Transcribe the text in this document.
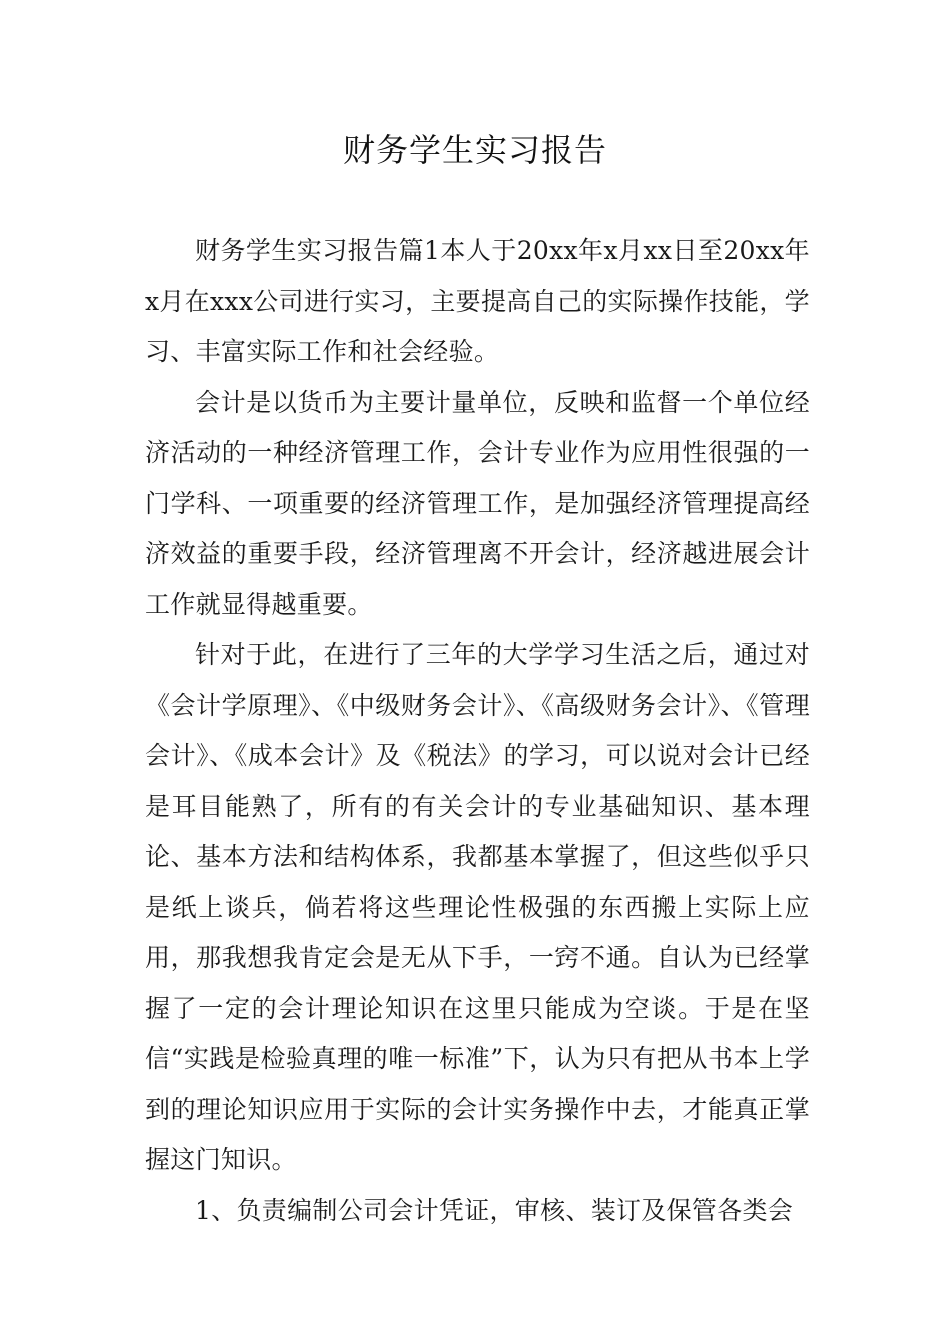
财务学生实习报告

财务学生实习报告篇1本人于20xx年x月xx日至20xx年x月在xxx公司进行实习，主要提高自己的实际操作技能，学习、丰富实际工作和社会经验。

会计是以货币为主要计量单位，反映和监督一个单位经济活动的一种经济管理工作，会计专业作为应用性很强的一门学科、一项重要的经济管理工作，是加强经济管理提高经济效益的重要手段，经济管理离不开会计，经济越进展会计工作就显得越重要。

针对于此，在进行了三年的大学学习生活之后，通过对《会计学原理》、《中级财务会计》、《高级财务会计》、《管理会计》、《成本会计》及《税法》的学习，可以说对会计已经是耳目能熟了，所有的有关会计的专业基础知识、基本理论、基本方法和结构体系，我都基本掌握了，但这些似乎只是纸上谈兵，倘若将这些理论性极强的东西搬上实际上应用，那我想我肯定会是无从下手，一窍不通。自认为已经掌握了一定的会计理论知识在这里只能成为空谈。于是在坚信“实践是检验真理的唯一标准”下，认为只有把从书本上学到的理论知识应用于实际的会计实务操作中去，才能真正掌握这门知识。

1、负责编制公司会计凭证，审核、装订及保管各类会
